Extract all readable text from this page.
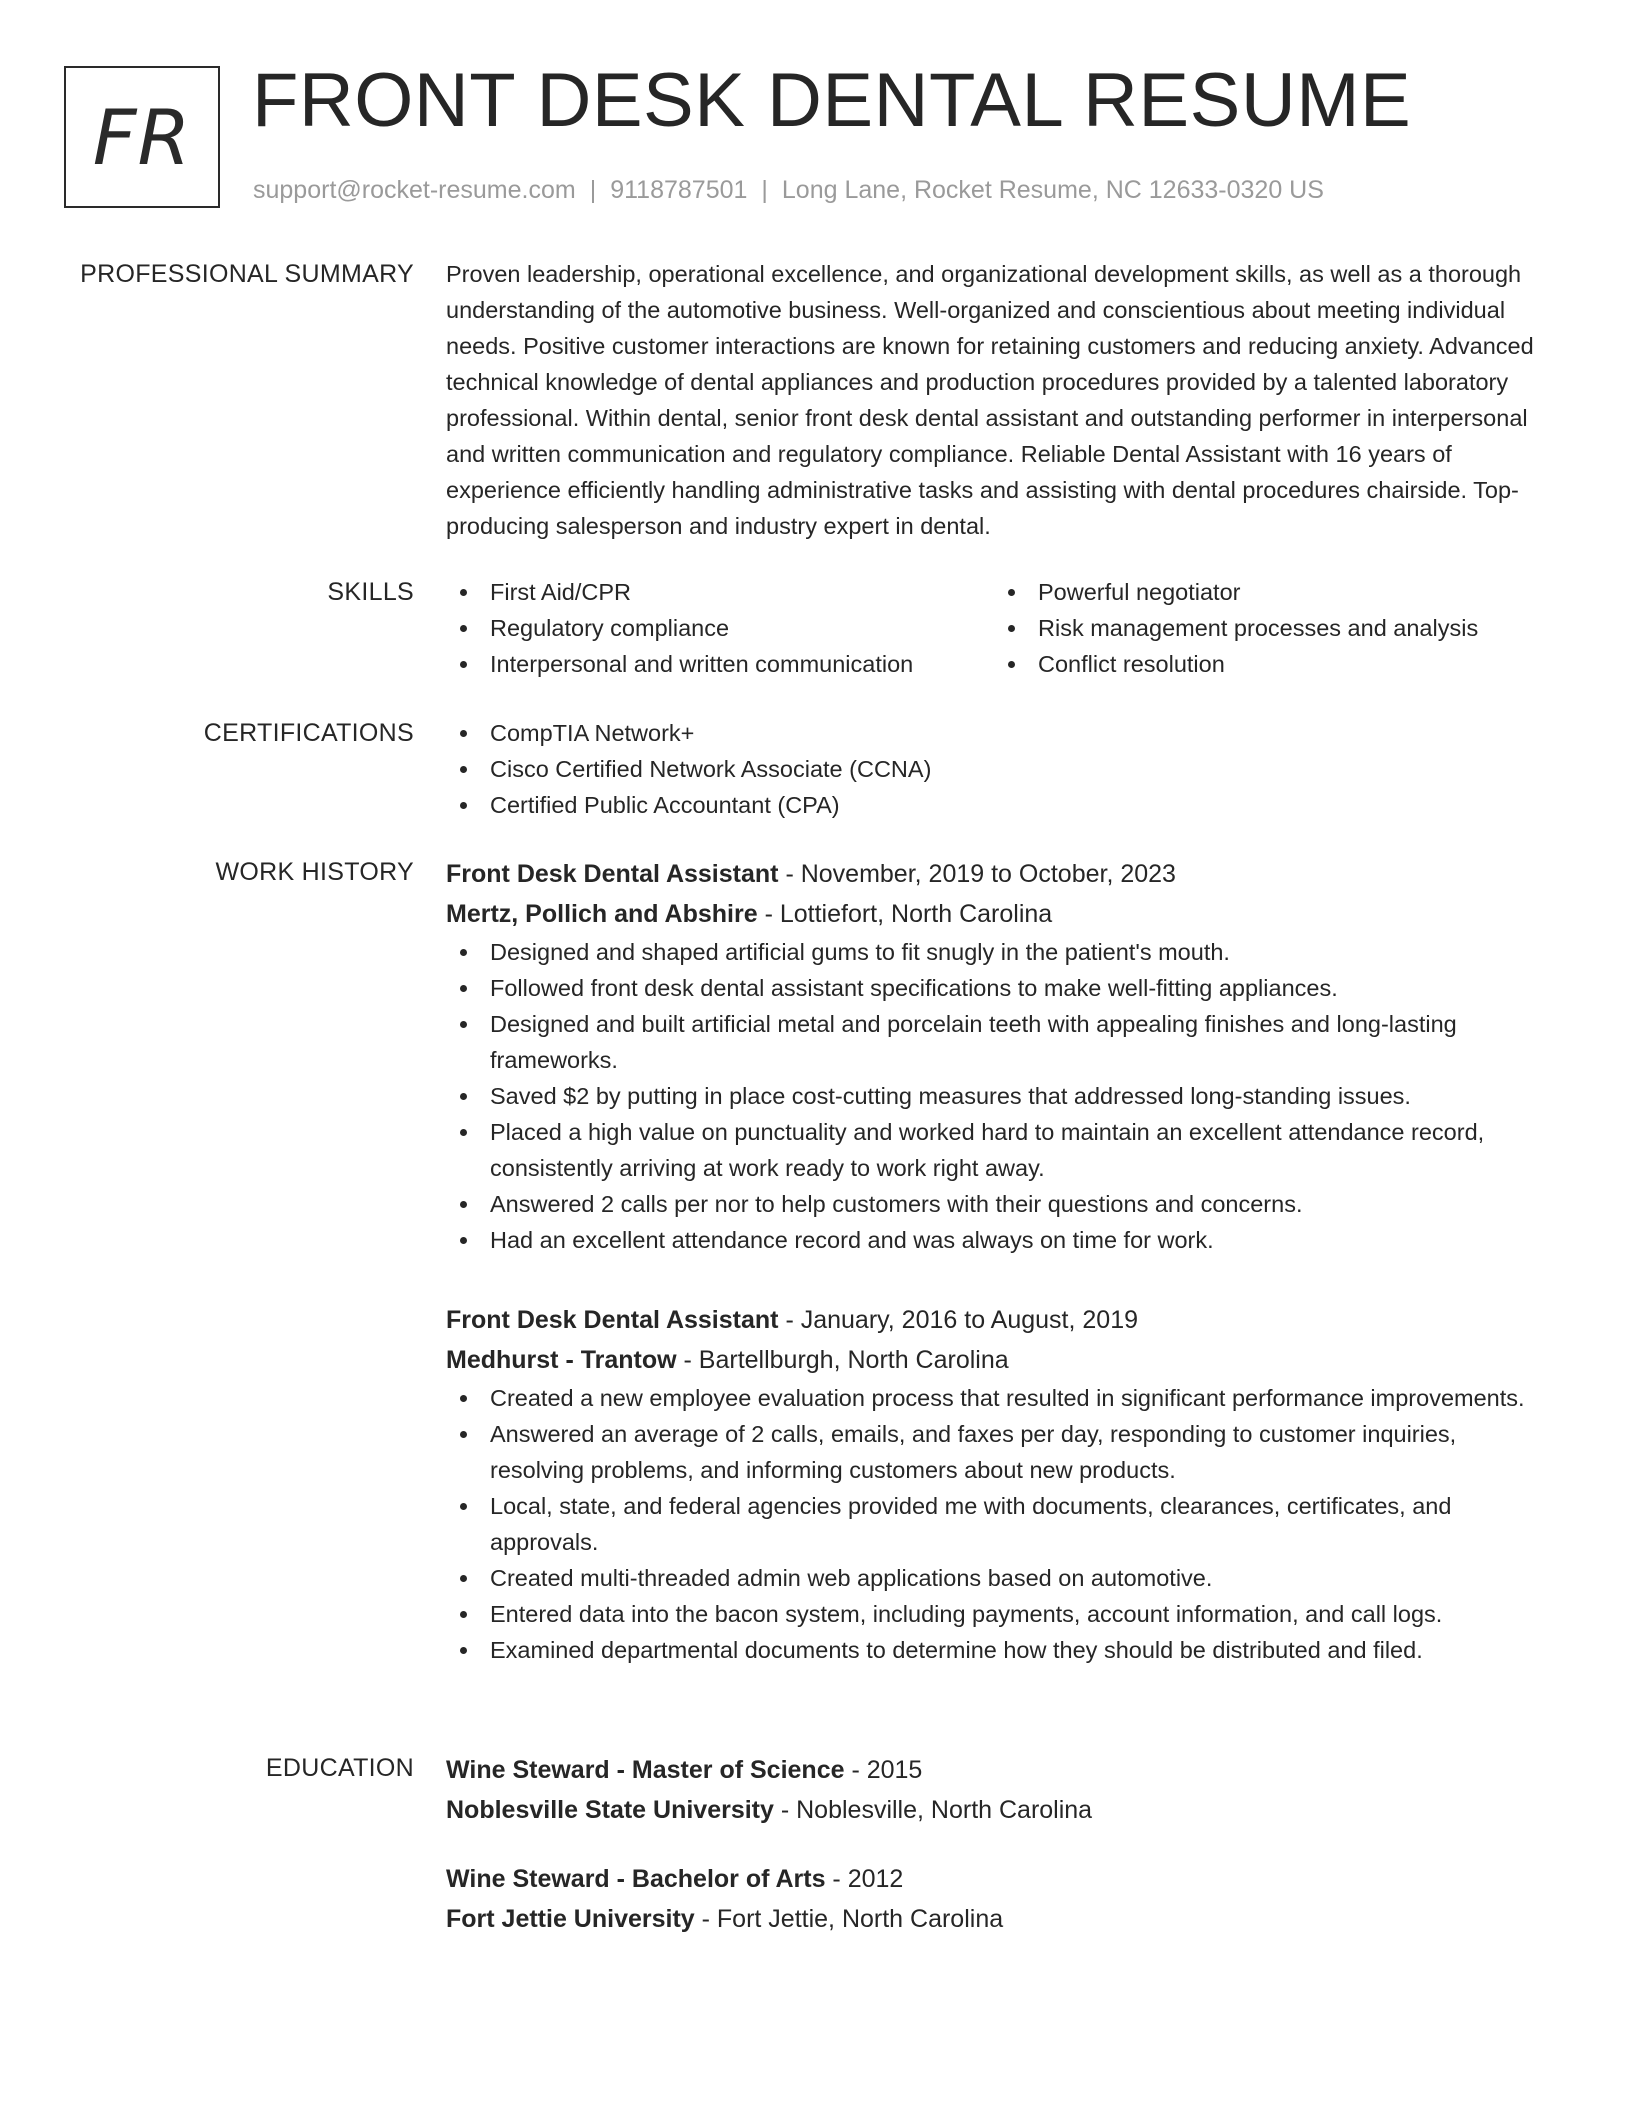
FR FRONT DESK DENTAL RESUME
support@rocket-resume.com | 9118787501 | Long Lane, Rocket Resume, NC 12633-0320 US
PROFESSIONAL SUMMARY Proven leadership, operational excellence, and organizational development skills, as well as a thorough understanding of the automotive business. Well-organized and conscientious about meeting individual needs. Positive customer interactions are known for retaining customers and reducing anxiety. Advanced technical knowledge of dental appliances and production procedures provided by a talented laboratory professional. Within dental, senior front desk dental assistant and outstanding performer in interpersonal and written communication and regulatory compliance. Reliable Dental Assistant with 16 years of experience efficiently handling administrative tasks and assisting with dental procedures chairside. Top-producing salesperson and industry expert in dental.

SKILLS	First Aid/CPR
Regulatory compliance
Interpersonal and written communication
Powerful negotiator
Risk management processes and analysis
Conflict resolution
CERTIFICATIONS	CompTIA Network+
Cisco Certified Network Associate (CCNA)
Certified Public Accountant (CPA)
WORK HISTORY Front Desk Dental Assistant - November, 2019 to October, 2023
Mertz, Pollich and Abshire - Lottiefort, North Carolina
Designed and shaped artificial gums to fit snugly in the patient's mouth.
Followed front desk dental assistant specifications to make well-fitting appliances.
Designed and built artificial metal and porcelain teeth with appealing finishes and long-lasting frameworks.
Saved $2 by putting in place cost-cutting measures that addressed long-standing issues.
Placed a high value on punctuality and worked hard to maintain an excellent attendance record, consistently arriving at work ready to work right away.
Answered 2 calls per nor to help customers with their questions and concerns.
Had an excellent attendance record and was always on time for work.
Front Desk Dental Assistant - January, 2016 to August, 2019
Medhurst - Trantow - Bartellburgh, North Carolina
Created a new employee evaluation process that resulted in significant performance improvements.
Answered an average of 2 calls, emails, and faxes per day, responding to customer inquiries, resolving problems, and informing customers about new products.
Local, state, and federal agencies provided me with documents, clearances, certificates, and approvals.
Created multi-threaded admin web applications based on automotive.
Entered data into the bacon system, including payments, account information, and call logs.
Examined departmental documents to determine how they should be distributed and filed.
EDUCATION Wine Steward - Master of Science - 2015
Noblesville State University - Noblesville, North Carolina
Wine Steward - Bachelor of Arts - 2012
Fort Jettie University - Fort Jettie, North Carolina
